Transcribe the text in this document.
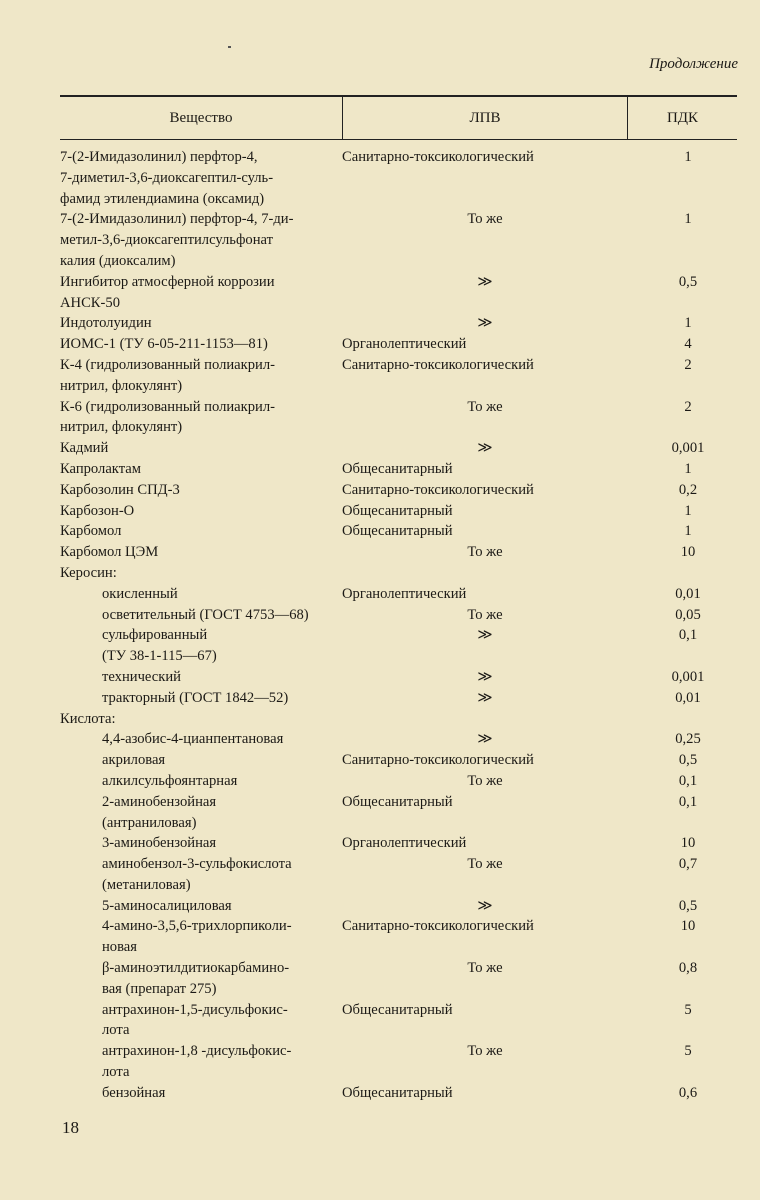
Продолжение
Вещество	ЛПВ	ПДК
7-(2-Имидазолинил) перфтор-4,
7-диметил-3,6-диоксагептил-суль-
фамид этилендиамина (оксамид)
Санитарно-токсикологический	1
7-(2-Имидазолинил) перфтор-4, 7-ди-
метил-3,6-диоксагептилсульфонат
калия (диоксалим)
То же	1
Ингибитор атмосферной коррозии
АНСК-50
≫	0,5
Индотолуидин	≫	1
ИОМС-1 (ТУ 6-05-211-1153—81)	Органолептический	4
К-4 (гидролизованный полиакрил-
нитрил, флокулянт)
Санитарно-токсикологический	2
К-6 (гидролизованный полиакрил-
нитрил, флокулянт)
То же	2
Кадмий	≫	0,001
Капролактам	Общесанитарный	1
Карбозолин СПД-3	Санитарно-токсикологический	0,2
Карбозон-О	Общесанитарный	1
Карбомол	Общесанитарный	1
Карбомол ЦЭМ	То же	10
Керосин:
окисленный	Органолептический	0,01
осветительный (ГОСТ 4753—68)	То же	0,05
сульфированный
(ТУ 38-1-115—67)
≫	0,1
технический	≫	0,001
тракторный (ГОСТ 1842—52)	≫	0,01
Кислота:
4,4-азобис-4-цианпентановая	≫	0,25
акриловая	Санитарно-токсикологический	0,5
алкилсульфоянтарная	То же	0,1
2-аминобензойная
(антраниловая)
Общесанитарный	0,1
3-аминобензойная	Органолептический	10
аминобензол-3-сульфокислота
(метаниловая)
То же	0,7
5-аминосалициловая	≫	0,5
4-амино-3,5,6-трихлорпиколи-
новая
Санитарно-токсикологический	10
β-аминоэтилдитиокарбамино-
вая (препарат 275)
То же	0,8
антрахинон-1,5-дисульфокис-
лота
Общесанитарный	5
антрахинон-1,8 -дисульфокис-
лота
То же	5
бензойная	Общесанитарный	0,6
18
